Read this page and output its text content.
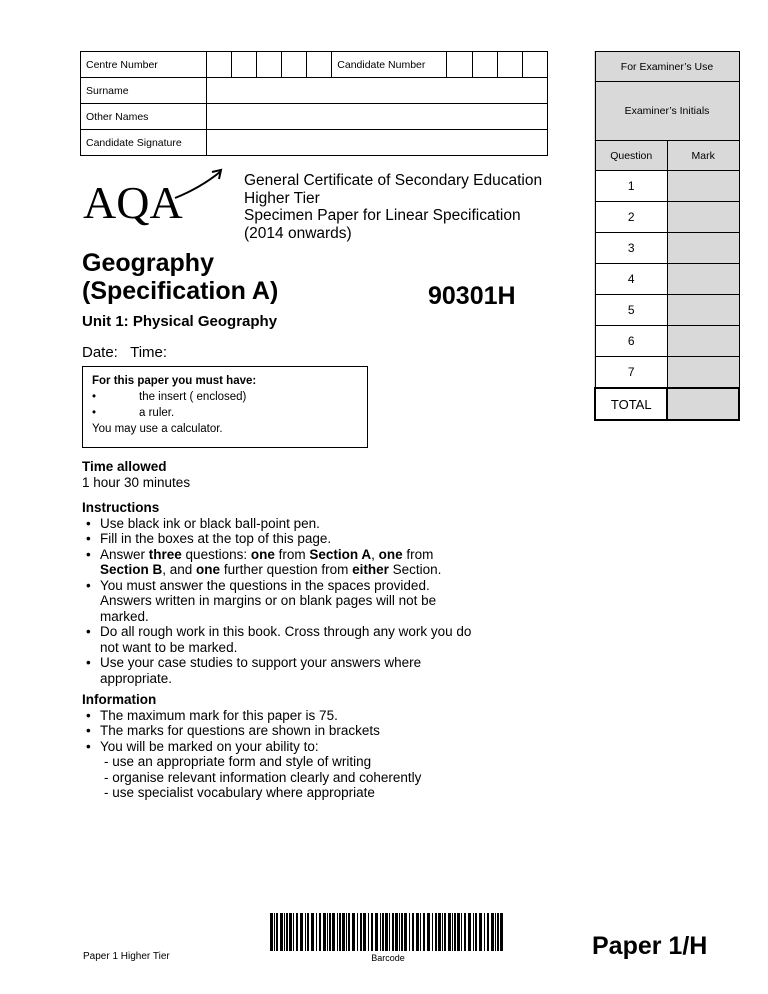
Centre Number						Candidate Number				
Surname										
Other Names										
Candidate Signature										
For Examiner’s Use	
Examiner’s Initials	
Question	Mark
1	
2	
3	
4	
5	
6	
7	
TOTAL	
AQA	General Certificate of Secondary Education
Higher Tier
Specimen Paper for Linear Specification
(2014 onwards)
Geography
(Specification A)	90301H
Unit 1: Physical Geography
Date: Time:
For this paper you must have:
•	the insert ( enclosed)
•	a ruler.
You may use a calculator.
Time allowed
1 hour 30 minutes
Instructions
• Use black ink or black ball-point pen.
• Fill in the boxes at the top of this page.
• Answer three questions: one from Section A, one from
Section B, and one further question from either Section.
• You must answer the questions in the spaces provided. Answers written in margins or on blank pages will not be marked.
• Do all rough work in this book. Cross through any work you do not want to be marked.
• Use your case studies to support your answers where appropriate.
Information
• The maximum mark for this paper is 75.
• The marks for questions are shown in brackets
• You will be marked on your ability to:
- use an appropriate form and style of writing
- organise relevant information clearly and coherently
- use specialist vocabulary where appropriate
Paper 1 Higher Tier	Barcode	Paper 1/H
